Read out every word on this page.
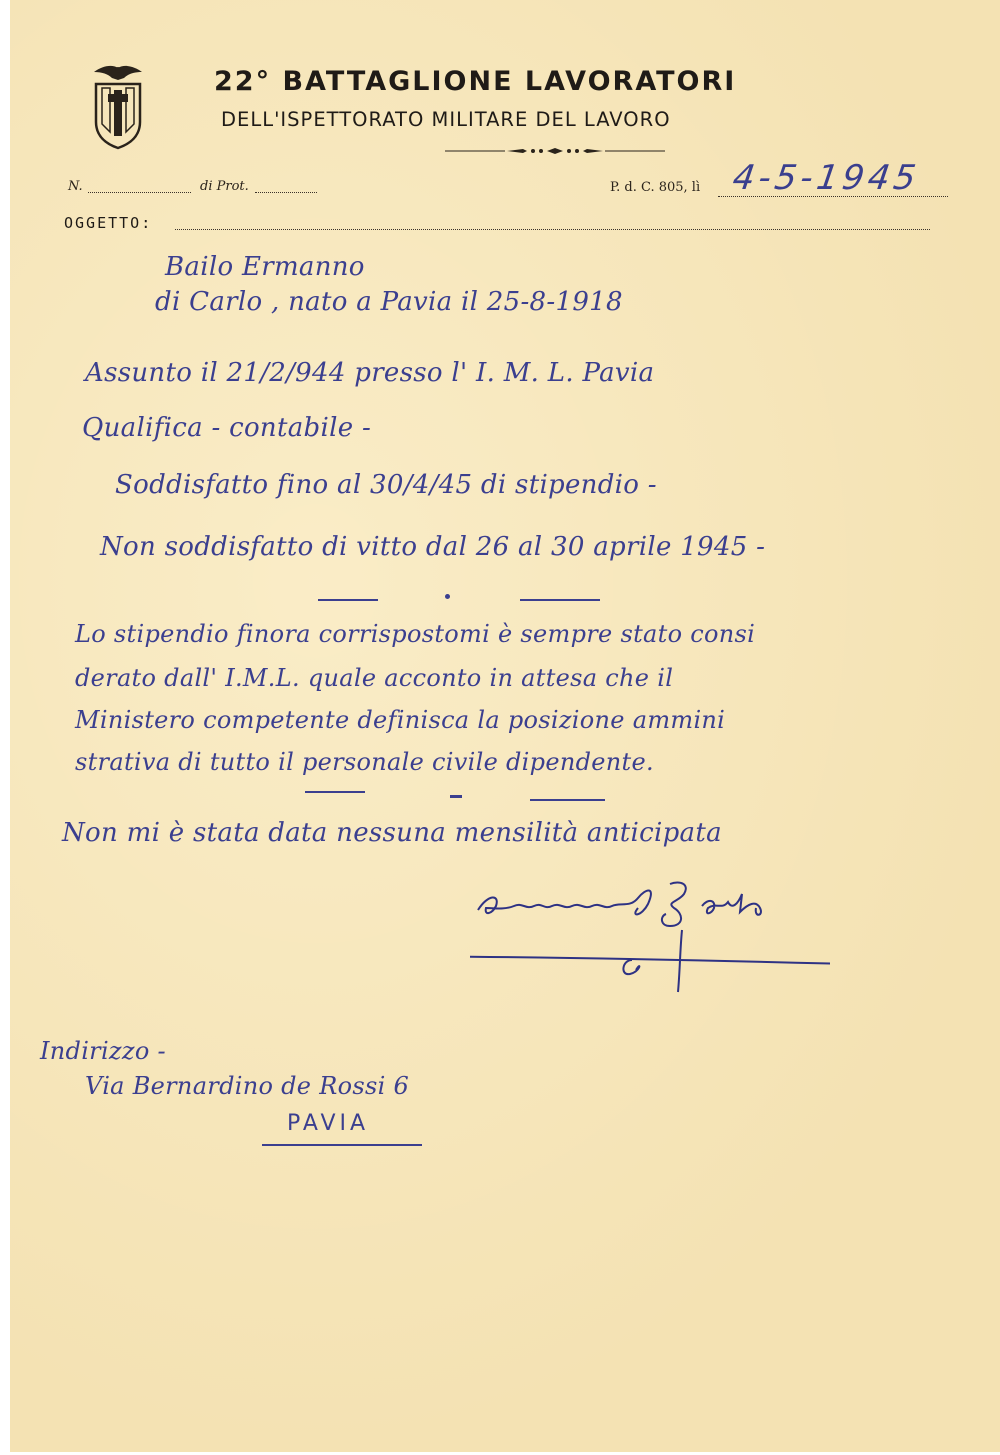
22° BATTAGLIONE LAVORATORI
DELL'ISPETTORATO MILITARE DEL LAVORO
N.	di Prot.	P. d. C. 805, lì 4-5-1945
OGGETTO:
Bailo Ermanno
di Carlo , nato a Pavia il 25-8-1918
Assunto il 21/2/944 presso l' I. M. L. Pavia
Qualifica - contabile -
Soddisfatto fino al 30/4/45 di stipendio -
Non soddisfatto di vitto dal 26 al 30 aprile 1945 -
Lo stipendio finora corrispostomi è sempre stato consi
derato dall' I.M.L. quale acconto in attesa che il
Ministero competente definisca la posizione ammini
strativa di tutto il personale civile dipendente.
Non mi è stata data nessuna mensilità anticipata
Indirizzo -
Via Bernardino de Rossi 6
PAVIA
